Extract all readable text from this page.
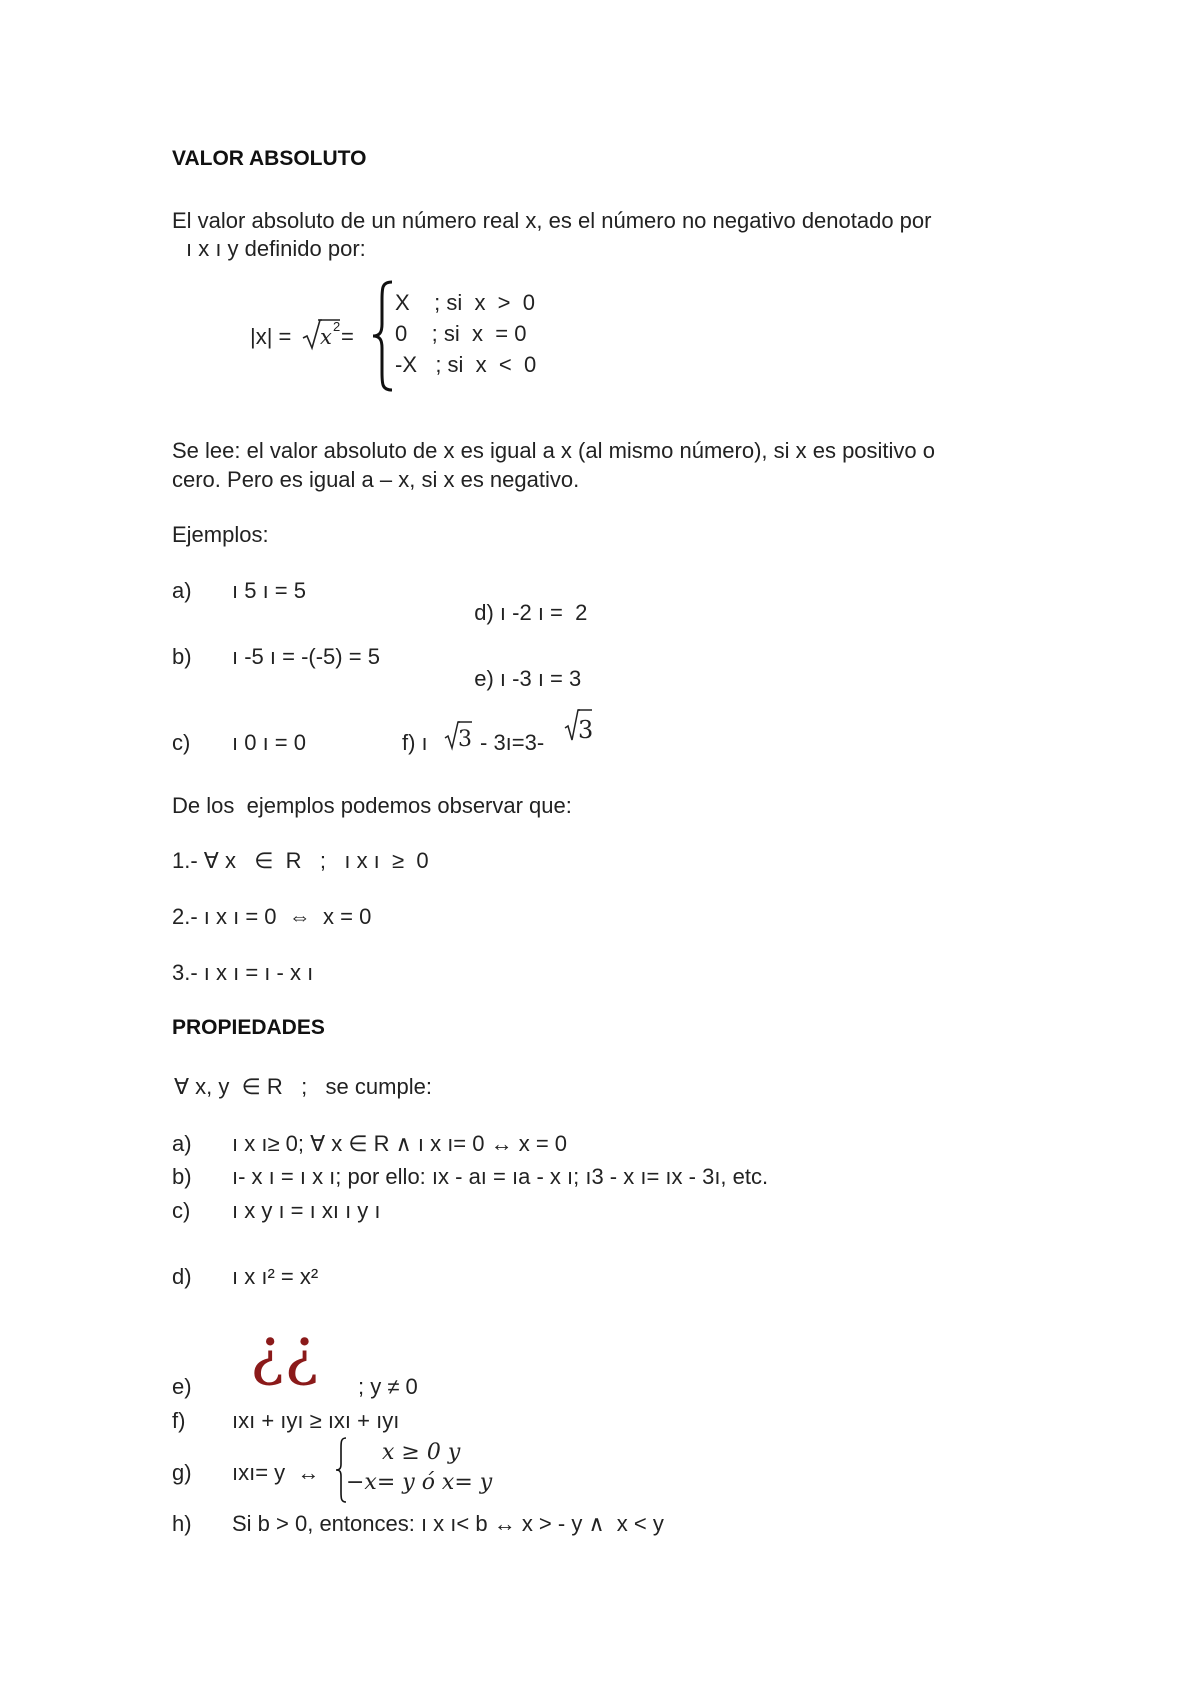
VALOR ABSOLUTO
El valor absoluto de un número real x, es el número no negativo denotado por
ı x ı y definido por:
|x| = x 2 =
X    ; si  x  >  0
0    ; si  x  = 0
-X   ; si  x  <  0
Se lee: el valor absoluto de x es igual a x (al mismo número), si x es positivo o
cero. Pero es igual a – x, si x es negativo.
Ejemplos:
a) ı 5 ı = 5

d) ı -2 ı =  2

b) ı -5 ı = -(-5) = 5

e) ı -3 ı = 3

c) ı 0 ı = 0	f) ı 3 - 3ı=3- 3
De los  ejemplos podemos observar que:
1.- ∀ x   ∈  R   ;   ı x ı  ≥  0
2.- ı x ı = 0  ⇔  x = 0
3.- ı x ı = ı - x ı
PROPIEDADES
∀ x, y  ∈ R   ;   se cumple:
a) ı x ı≥ 0; ∀ x ∈ R ∧ ı x ı= 0 ↔ x = 0
b) ı- x ı = ı x ı; por ello: ıx - aı = ıa - x ı; ı3 - x ı= ıx - 3ı, etc.
c) ı x y ı = ı xı ı y ı
d) ı x ı² = x²
e) ¿¿ ; y ≠ 0
f) ıxı + ıyı ≥ ıxı + ıyı
g) ıxı= y  ↔
x ≥ 0 y
−x= y ó x= y
h) Si b > 0, entonces: ı x ı< b ↔ x > - y ∧  x < y
